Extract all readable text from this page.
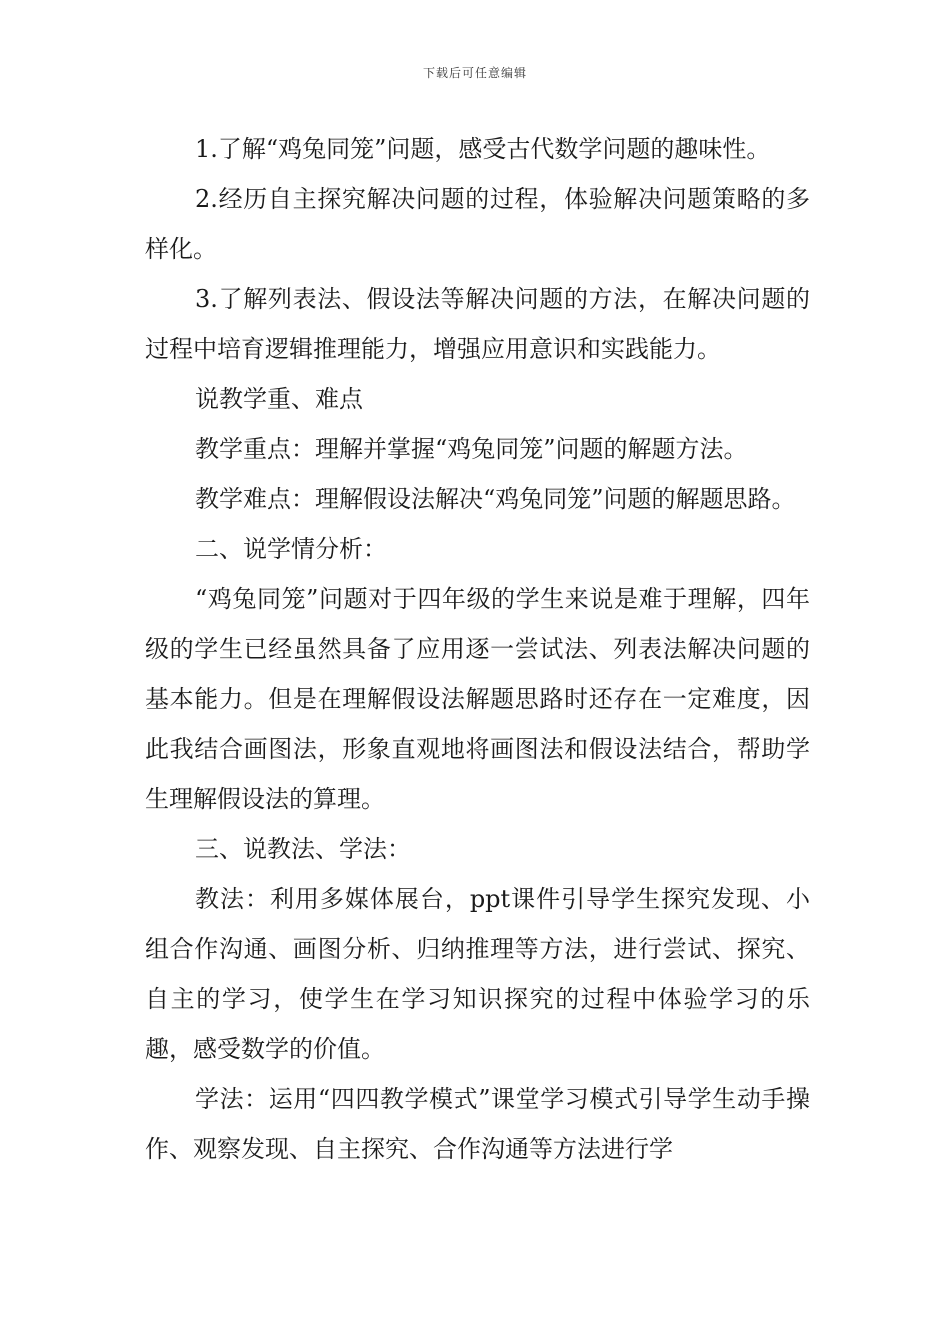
下载后可任意编辑

1.了解“鸡兔同笼”问题，感受古代数学问题的趣味性。

2.经历自主探究解决问题的过程，体验解决问题策略的多样化。

3.了解列表法、假设法等解决问题的方法，在解决问题的过程中培育逻辑推理能力，增强应用意识和实践能力。

说教学重、难点

教学重点：理解并掌握“鸡兔同笼”问题的解题方法。

教学难点：理解假设法解决“鸡兔同笼”问题的解题思路。

二、说学情分析：

“鸡兔同笼”问题对于四年级的学生来说是难于理解，四年级的学生已经虽然具备了应用逐一尝试法、列表法解决问题的基本能力。但是在理解假设法解题思路时还存在一定难度，因此我结合画图法，形象直观地将画图法和假设法结合，帮助学生理解假设法的算理。

三、说教法、学法：

教法：利用多媒体展台，ppt课件引导学生探究发现、小组合作沟通、画图分析、归纳推理等方法，进行尝试、探究、自主的学习，使学生在学习知识探究的过程中体验学习的乐趣，感受数学的价值。

学法：运用“四四教学模式”课堂学习模式引导学生动手操作、观察发现、自主探究、合作沟通等方法进行学
